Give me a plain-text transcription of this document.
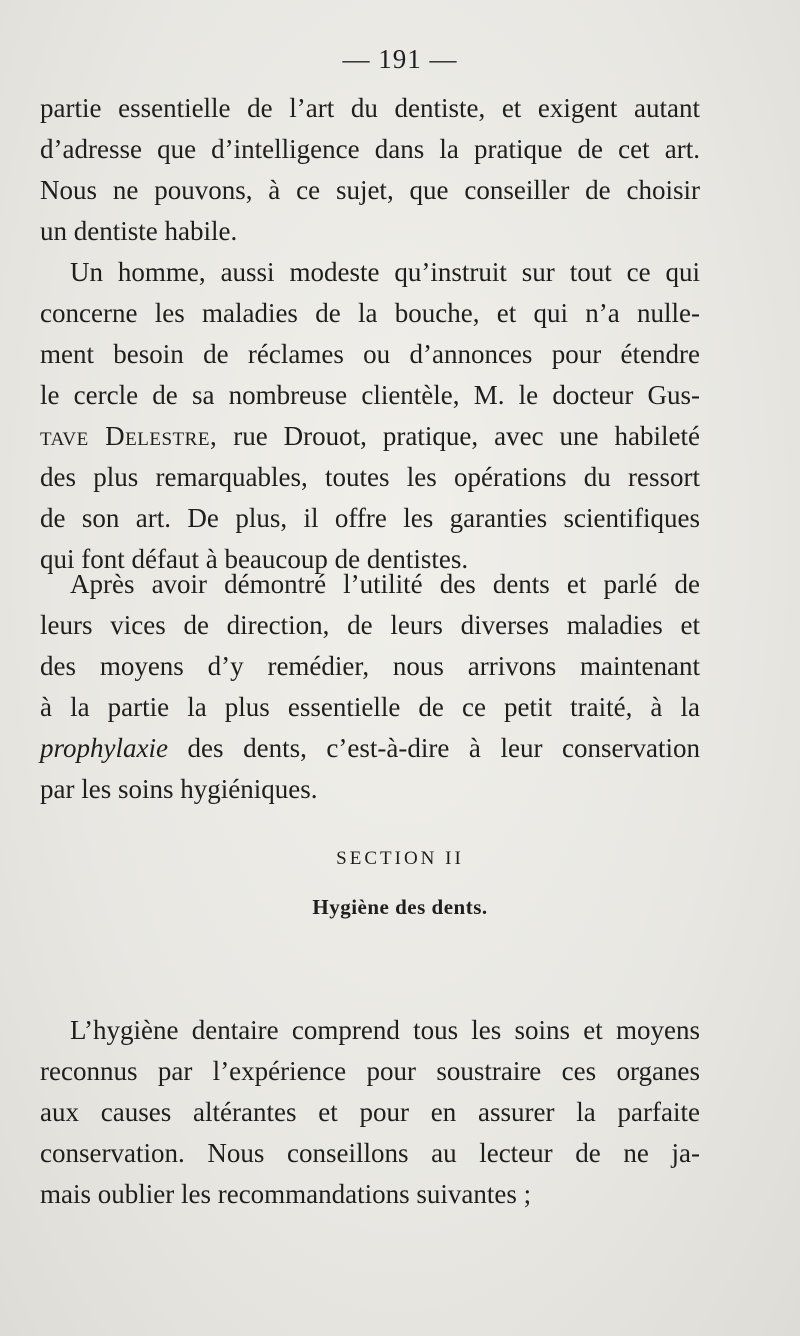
— 191 —
partie essentielle de l’art du dentiste, et exigent autant
d’adresse que d’intelligence dans la pratique de cet art.
Nous ne pouvons, à ce sujet, que conseiller de choisir
un dentiste habile.
Un homme, aussi modeste qu’instruit sur tout ce qui
concerne les maladies de la bouche, et qui n’a nulle-
ment besoin de réclames ou d’annonces pour étendre
le cercle de sa nombreuse clientèle, M. le docteur Gus-
tave Delestre, rue Drouot, pratique, avec une habileté
des plus remarquables, toutes les opérations du ressort
de son art. De plus, il offre les garanties scientifiques
qui font défaut à beaucoup de dentistes.
Après avoir démontré l’utilité des dents et parlé de
leurs vices de direction, de leurs diverses maladies et
des moyens d’y remédier, nous arrivons maintenant
à la partie la plus essentielle de ce petit traité, à la
prophylaxie des dents, c’est-à-dire à leur conservation
par les soins hygiéniques.
SECTION II
Hygiène des dents.
L’hygiène dentaire comprend tous les soins et moyens
reconnus par l’expérience pour soustraire ces organes
aux causes altérantes et pour en assurer la parfaite
conservation. Nous conseillons au lecteur de ne ja-
mais oublier les recommandations suivantes ;
